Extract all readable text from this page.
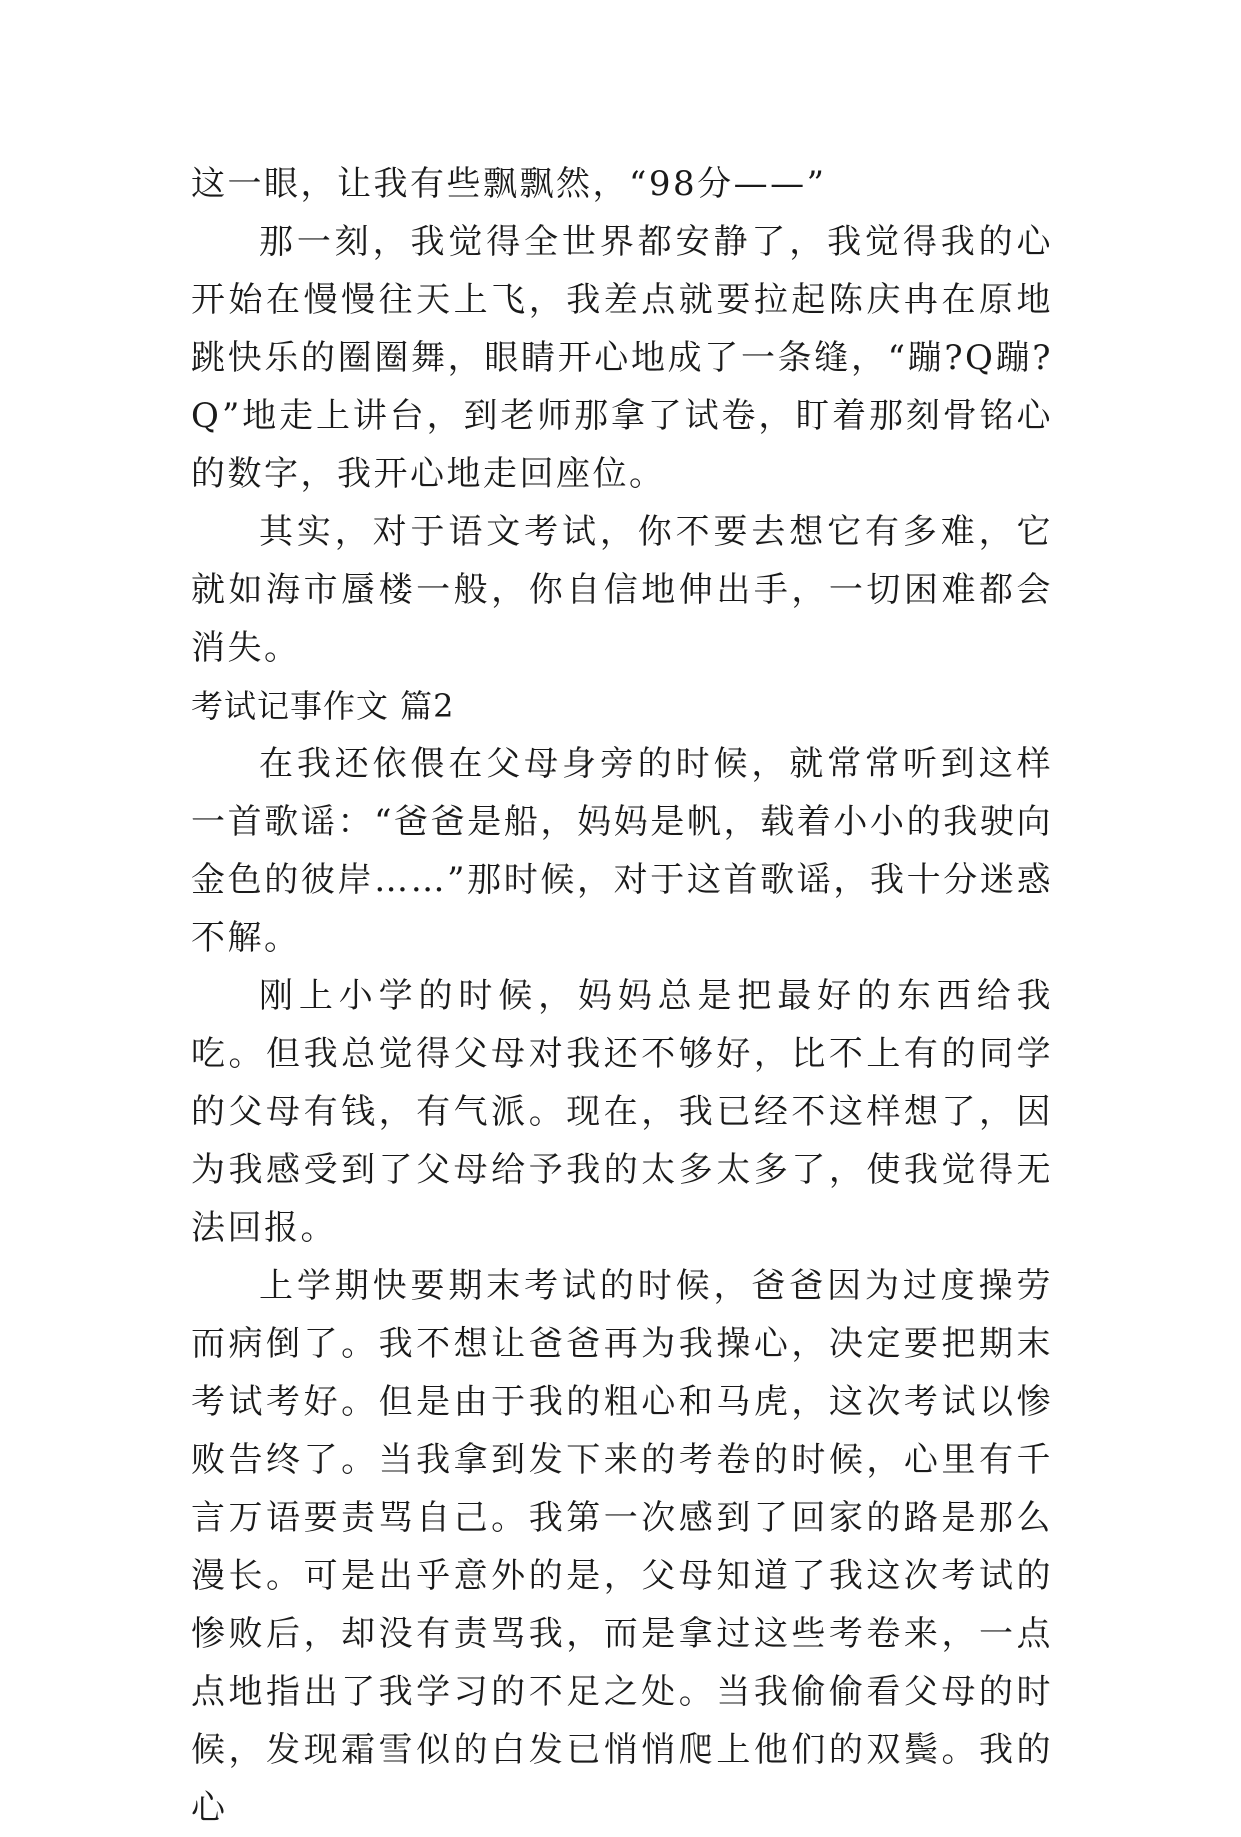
这一眼，让我有些飘飘然，“98分——”

那一刻，我觉得全世界都安静了，我觉得我的心开始在慢慢往天上飞，我差点就要拉起陈庆冉在原地跳快乐的圈圈舞，眼睛开心地成了一条缝，“蹦?Q蹦?Q”地走上讲台，到老师那拿了试卷，盯着那刻骨铭心的数字，我开心地走回座位。

其实，对于语文考试，你不要去想它有多难，它就如海市蜃楼一般，你自信地伸出手，一切困难都会消失。

考试记事作文 篇2

在我还依偎在父母身旁的时候，就常常听到这样一首歌谣：“爸爸是船，妈妈是帆，载着小小的我驶向金色的彼岸……”那时候，对于这首歌谣，我十分迷惑不解。

刚上小学的时候，妈妈总是把最好的东西给我吃。但我总觉得父母对我还不够好，比不上有的同学的父母有钱，有气派。现在，我已经不这样想了，因为我感受到了父母给予我的太多太多了，使我觉得无法回报。

上学期快要期末考试的时候，爸爸因为过度操劳而病倒了。我不想让爸爸再为我操心，决定要把期末考试考好。但是由于我的粗心和马虎，这次考试以惨败告终了。当我拿到发下来的考卷的时候，心里有千言万语要责骂自己。我第一次感到了回家的路是那么漫长。可是出乎意外的是，父母知道了我这次考试的惨败后，却没有责骂我，而是拿过这些考卷来，一点点地指出了我学习的不足之处。当我偷偷看父母的时候，发现霜雪似的白发已悄悄爬上他们的双鬓。我的心
